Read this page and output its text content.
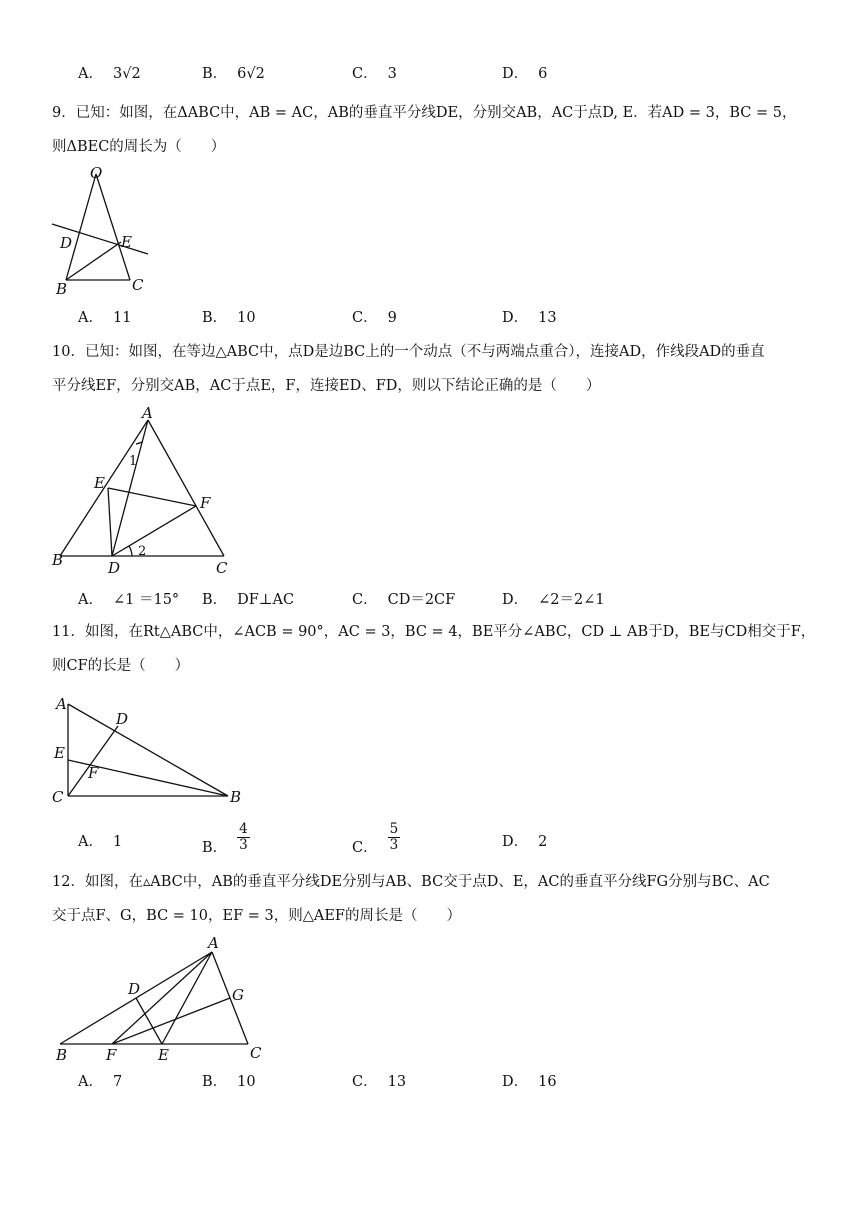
A． 3√2	B． 6√2	C． 3	D． 6
9．已知：如图，在ΔABC中，AB = AC，AB的垂直平分线DE，分别交AB，AC于点D, E．若AD = 3，BC = 5，
则ΔBEC的周长为（　　）
O
D	E
B	C
A． 11	B． 10	C． 9	D． 13
10．已知：如图，在等边△ABC中，点D是边BC上的一个动点（不与两端点重合），连接AD，作线段AD的垂直
平分线EF，分别交AB，AC于点E，F，连接ED、FD，则以下结论正确的是（　　）
A
E
F
B	D	C
1
2
A． ∠1 ＝15° B． DF⊥AC	C． CD＝2CF	D． ∠2＝2∠1
11．如图，在Rt△ABC中，∠ACB = 90°，AC = 3，BC = 4，BE平分∠ABC，CD ⊥ AB于D，BE与CD相交于F，
则CF的长是（　　）
A
D
E
F
C	B
A． 1	B． $\frac{4}{3}$	C． $\frac{5}{3}$	D． 2
12．如图，在▵ABC中，AB的垂直平分线DE分别与AB、BC交于点D、E，AC的垂直平分线FG分别与BC、AC
交于点F、G，BC = 10，EF = 3，则△AEF的周长是（　　）
A
D	G
B	F	E	C
A． 7	B． 10	C． 13	D． 16
